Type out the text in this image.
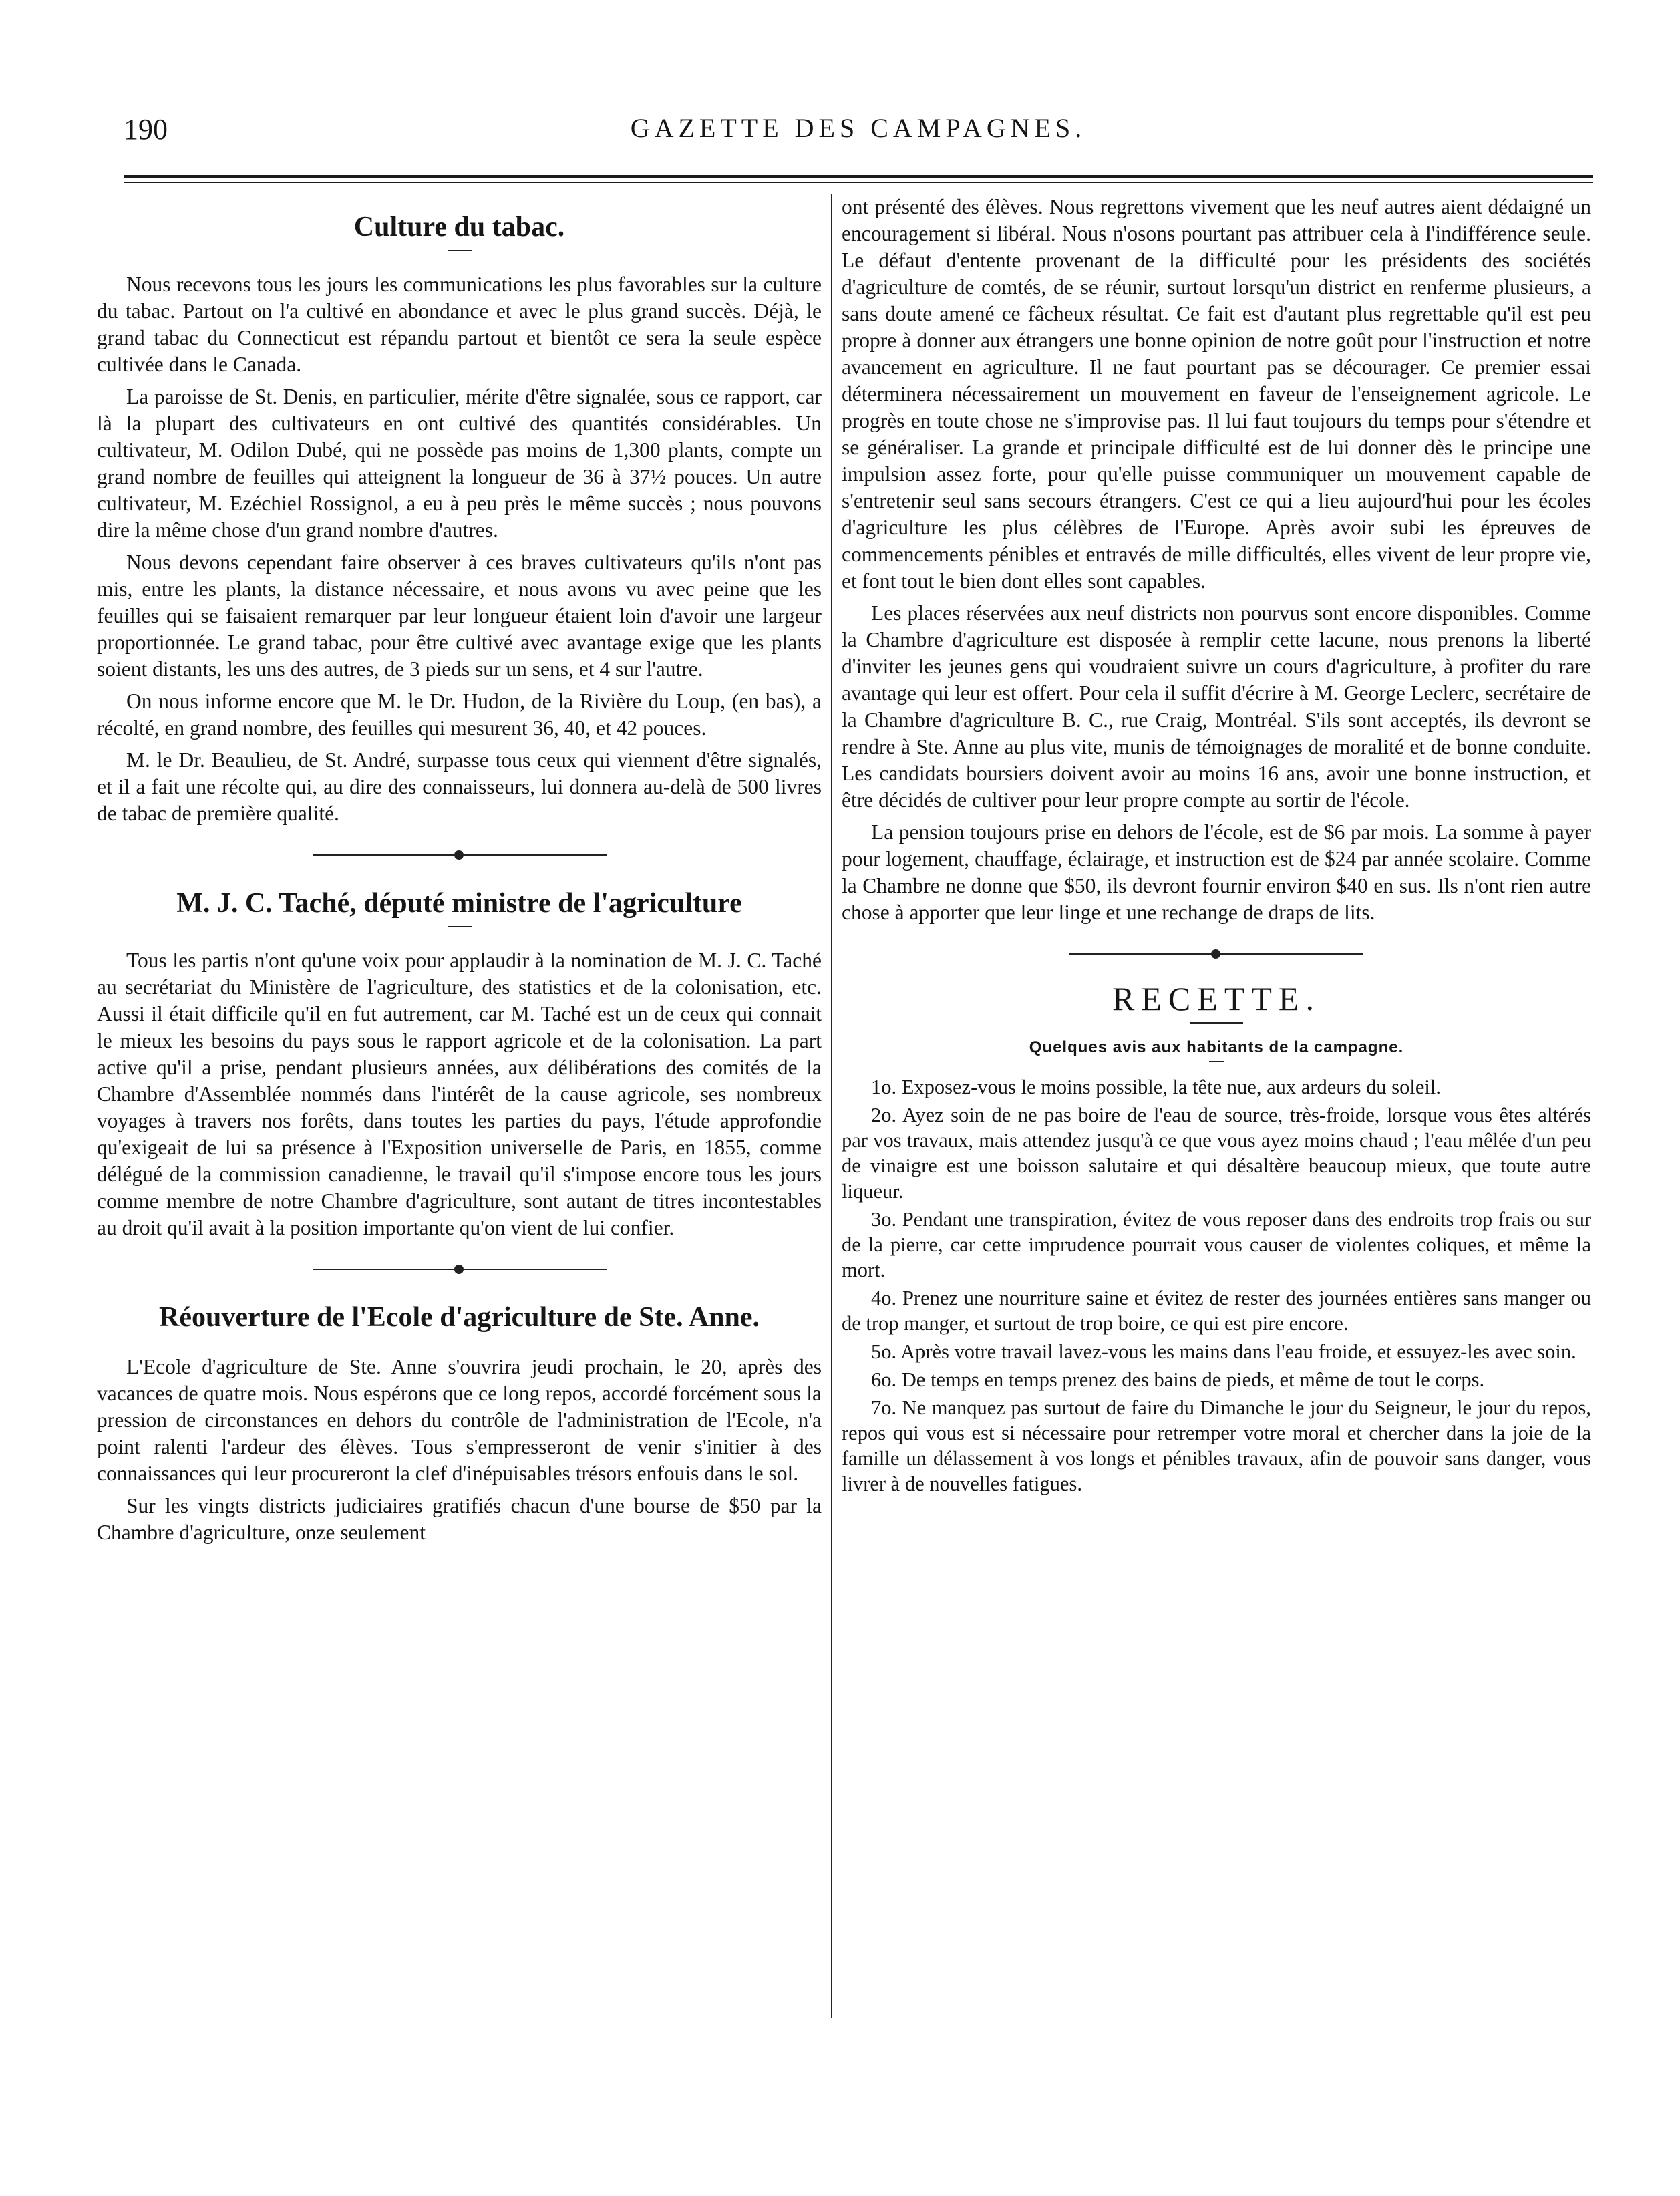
190	GAZETTE DES CAMPAGNES.
Culture du tabac.

Nous recevons tous les jours les communications les plus favorables sur la culture du tabac. Partout on l'a cultivé en abondance et avec le plus grand succès. Déjà, le grand tabac du Connecticut est répandu partout et bientôt ce sera la seule espèce cultivée dans le Canada.

La paroisse de St. Denis, en particulier, mérite d'être signalée, sous ce rapport, car là la plupart des cultivateurs en ont cultivé des quantités considérables. Un cultivateur, M. Odilon Dubé, qui ne possède pas moins de 1,300 plants, compte un grand nombre de feuilles qui atteignent la longueur de 36 à 37½ pouces. Un autre cultivateur, M. Ezéchiel Rossignol, a eu à peu près le même succès ; nous pouvons dire la même chose d'un grand nombre d'autres.

Nous devons cependant faire observer à ces braves cultivateurs qu'ils n'ont pas mis, entre les plants, la distance nécessaire, et nous avons vu avec peine que les feuilles qui se faisaient remarquer par leur longueur étaient loin d'avoir une largeur proportionnée. Le grand tabac, pour être cultivé avec avantage exige que les plants soient distants, les uns des autres, de 3 pieds sur un sens, et 4 sur l'autre.

On nous informe encore que M. le Dr. Hudon, de la Rivière du Loup, (en bas), a récolté, en grand nombre, des feuilles qui mesurent 36, 40, et 42 pouces.

M. le Dr. Beaulieu, de St. André, surpasse tous ceux qui viennent d'être signalés, et il a fait une récolte qui, au dire des connaisseurs, lui donnera au-delà de 500 livres de tabac de première qualité.

M. J. C. Taché, député ministre de l'agriculture

Tous les partis n'ont qu'une voix pour applaudir à la nomination de M. J. C. Taché au secrétariat du Ministère de l'agriculture, des statistics et de la colonisation, etc. Aussi il était difficile qu'il en fut autrement, car M. Taché est un de ceux qui connait le mieux les besoins du pays sous le rapport agricole et de la colonisation. La part active qu'il a prise, pendant plusieurs années, aux délibérations des comités de la Chambre d'Assemblée nommés dans l'intérêt de la cause agricole, ses nombreux voyages à travers nos forêts, dans toutes les parties du pays, l'étude approfondie qu'exigeait de lui sa présence à l'Exposition universelle de Paris, en 1855, comme délégué de la commission canadienne, le travail qu'il s'impose encore tous les jours comme membre de notre Chambre d'agriculture, sont autant de titres incontestables au droit qu'il avait à la position importante qu'on vient de lui confier.

Réouverture de l'Ecole d'agriculture de Ste. Anne.

L'Ecole d'agriculture de Ste. Anne s'ouvrira jeudi prochain, le 20, après des vacances de quatre mois. Nous espérons que ce long repos, accordé forcément sous la pression de circonstances en dehors du contrôle de l'administration de l'Ecole, n'a point ralenti l'ardeur des élèves. Tous s'empresseront de venir s'initier à des connaissances qui leur procureront la clef d'inépuisables trésors enfouis dans le sol.

Sur les vingts districts judiciaires gratifiés chacun d'une bourse de $50 par la Chambre d'agriculture, onze seulement

ont présenté des élèves. Nous regrettons vivement que les neuf autres aient dédaigné un encouragement si libéral. Nous n'osons pourtant pas attribuer cela à l'indifférence seule. Le défaut d'entente provenant de la difficulté pour les présidents des sociétés d'agriculture de comtés, de se réunir, surtout lorsqu'un district en renferme plusieurs, a sans doute amené ce fâcheux résultat. Ce fait est d'autant plus regrettable qu'il est peu propre à donner aux étrangers une bonne opinion de notre goût pour l'instruction et notre avancement en agriculture. Il ne faut pourtant pas se décourager. Ce premier essai déterminera nécessairement un mouvement en faveur de l'enseignement agricole. Le progrès en toute chose ne s'improvise pas. Il lui faut toujours du temps pour s'étendre et se généraliser. La grande et principale difficulté est de lui donner dès le principe une impulsion assez forte, pour qu'elle puisse communiquer un mouvement capable de s'entretenir seul sans secours étrangers. C'est ce qui a lieu aujourd'hui pour les écoles d'agriculture les plus célèbres de l'Europe. Après avoir subi les épreuves de commencements pénibles et entravés de mille difficultés, elles vivent de leur propre vie, et font tout le bien dont elles sont capables.

Les places réservées aux neuf districts non pourvus sont encore disponibles. Comme la Chambre d'agriculture est disposée à remplir cette lacune, nous prenons la liberté d'inviter les jeunes gens qui voudraient suivre un cours d'agriculture, à profiter du rare avantage qui leur est offert. Pour cela il suffit d'écrire à M. George Leclerc, secrétaire de la Chambre d'agriculture B. C., rue Craig, Montréal. S'ils sont acceptés, ils devront se rendre à Ste. Anne au plus vite, munis de témoignages de moralité et de bonne conduite. Les candidats boursiers doivent avoir au moins 16 ans, avoir une bonne instruction, et être décidés de cultiver pour leur propre compte au sortir de l'école.

La pension toujours prise en dehors de l'école, est de $6 par mois. La somme à payer pour logement, chauffage, éclairage, et instruction est de $24 par année scolaire. Comme la Chambre ne donne que $50, ils devront fournir environ $40 en sus. Ils n'ont rien autre chose à apporter que leur linge et une rechange de draps de lits.

RECETTE.
Quelques avis aux habitants de la campagne.

1o. Exposez-vous le moins possible, la tête nue, aux ardeurs du soleil.

2o. Ayez soin de ne pas boire de l'eau de source, très-froide, lorsque vous êtes altérés par vos travaux, mais attendez jusqu'à ce que vous ayez moins chaud ; l'eau mêlée d'un peu de vinaigre est une boisson salutaire et qui désaltère beaucoup mieux, que toute autre liqueur.

3o. Pendant une transpiration, évitez de vous reposer dans des endroits trop frais ou sur de la pierre, car cette imprudence pourrait vous causer de violentes coliques, et même la mort.

4o. Prenez une nourriture saine et évitez de rester des journées entières sans manger ou de trop manger, et surtout de trop boire, ce qui est pire encore.

5o. Après votre travail lavez-vous les mains dans l'eau froide, et essuyez-les avec soin.

6o. De temps en temps prenez des bains de pieds, et même de tout le corps.

7o. Ne manquez pas surtout de faire du Dimanche le jour du Seigneur, le jour du repos, repos qui vous est si nécessaire pour retremper votre moral et chercher dans la joie de la famille un délassement à vos longs et pénibles travaux, afin de pouvoir sans danger, vous livrer à de nouvelles fatigues.
